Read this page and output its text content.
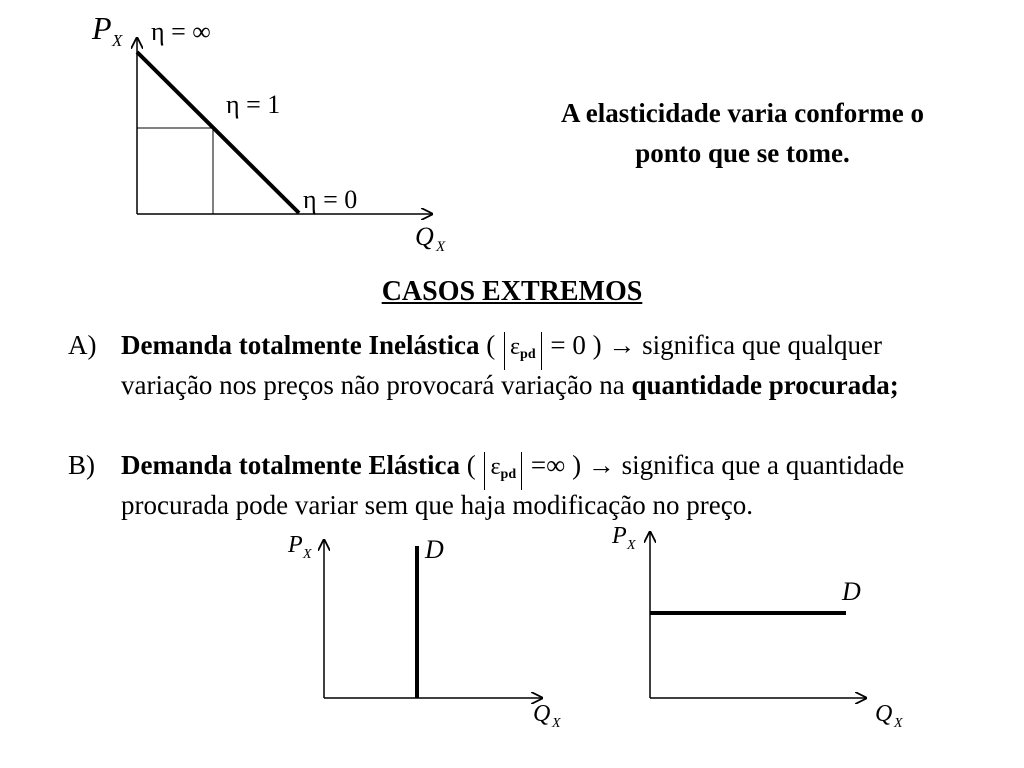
P X η = ∞
η = 1
η = 0
Q X
P X	D
Q X
P X
D
Q X
A elasticidade varia conforme o ponto que se tome.
CASOS EXTREMOS
A) Demanda totalmente Inelástica ( $\varepsilon_{pd} = 0$ ) → significa que qualquer variação nos preços não provocará variação na quantidade procurada;
B) Demanda totalmente Elástica ( $\varepsilon_{pd}$ =∞ ) → significa que a quantidade procurada pode variar sem que haja modificação no preço.
